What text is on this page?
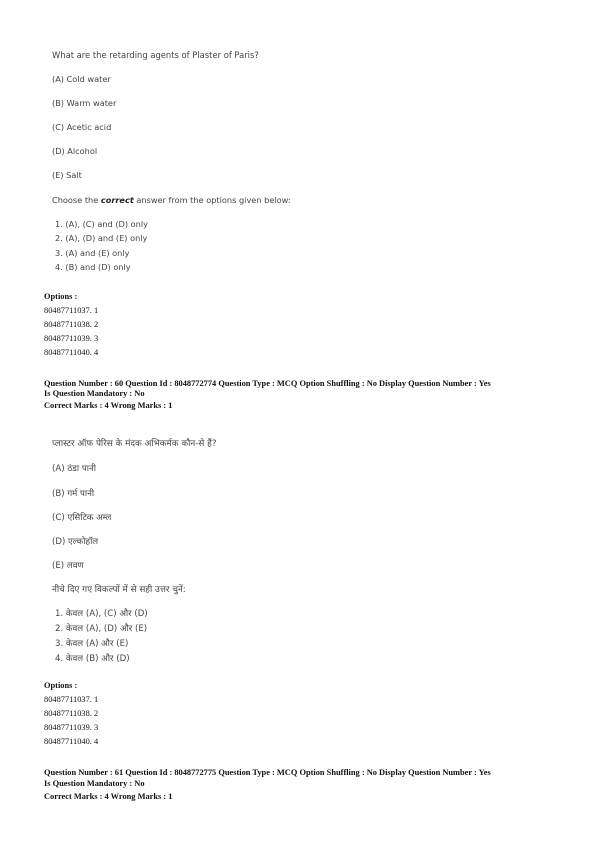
What are the retarding agents of Plaster of Paris?
(A) Cold water
(B) Warm water
(C) Acetic acid
(D) Alcohol
(E) Salt
Choose the correct answer from the options given below:
1. (A), (C) and (D) only
2. (A), (D) and (E) only
3. (A) and (E) only
4. (B) and (D) only
Options :
80487711037. 1
80487711038. 2
80487711039. 3
80487711040. 4
Question Number : 60 Question Id : 8048772774 Question Type : MCQ Option Shuffling : No Display Question Number : Yes
Is Question Mandatory : No
Correct Marks : 4 Wrong Marks : 1
प्लास्टर ऑफ पेरिस के मंदक अभिकर्मक कौन-से हैं?
(A) ठंडा पानी
(B) गर्म पानी
(C) एसिटिक अम्ल
(D) एल्कोहॉल
(E) लवण
नीचे दिए गए विकल्पों में से सही उत्तर चुनें:
1. केवल (A), (C) और (D)
2. केवल (A), (D) और (E)
3. केवल (A) और (E)
4. केवल (B) और (D)
Options :
80487711037. 1
80487711038. 2
80487711039. 3
80487711040. 4
Question Number : 61 Question Id : 8048772775 Question Type : MCQ Option Shuffling : No Display Question Number : Yes
Is Question Mandatory : No
Correct Marks : 4 Wrong Marks : 1
